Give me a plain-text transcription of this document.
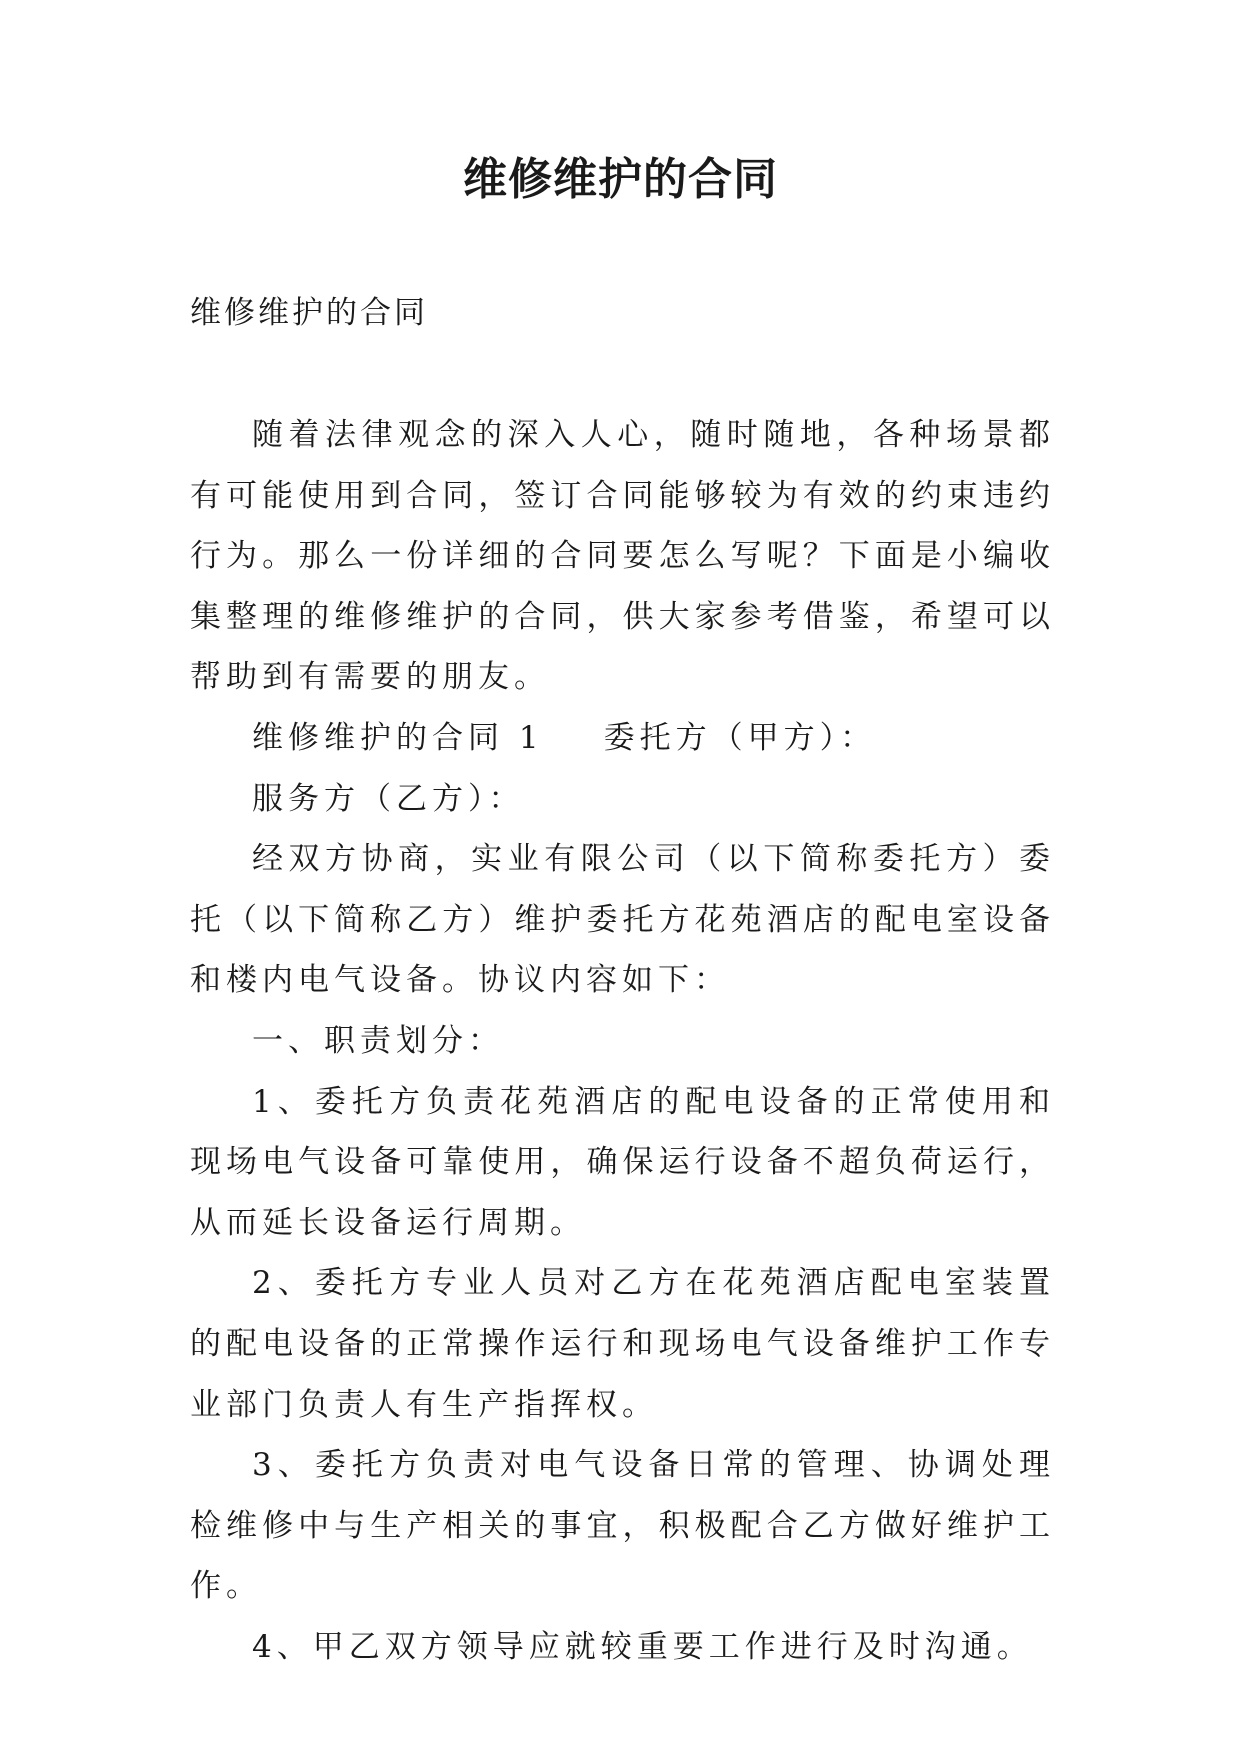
维修维护的合同

维修维护的合同

随着法律观念的深入人心，随时随地，各种场景都有可能使用到合同，签订合同能够较为有效的约束违约行为。那么一份详细的合同要怎么写呢？下面是小编收集整理的维修维护的合同，供大家参考借鉴，希望可以帮助到有需要的朋友。

维修维护的合同 1 委托方（甲方）：

服务方（乙方）：

经双方协商，实业有限公司（以下简称委托方）委托（以下简称乙方）维护委托方花苑酒店的配电室设备和楼内电气设备。协议内容如下：

一、职责划分：

1、委托方负责花苑酒店的配电设备的正常使用和现场电气设备可靠使用，确保运行设备不超负荷运行，从而延长设备运行周期。

2、委托方专业人员对乙方在花苑酒店配电室装置的配电设备的正常操作运行和现场电气设备维护工作专业部门负责人有生产指挥权。

3、委托方负责对电气设备日常的管理、协调处理检维修中与生产相关的事宜，积极配合乙方做好维护工作。

4、甲乙双方领导应就较重要工作进行及时沟通。
